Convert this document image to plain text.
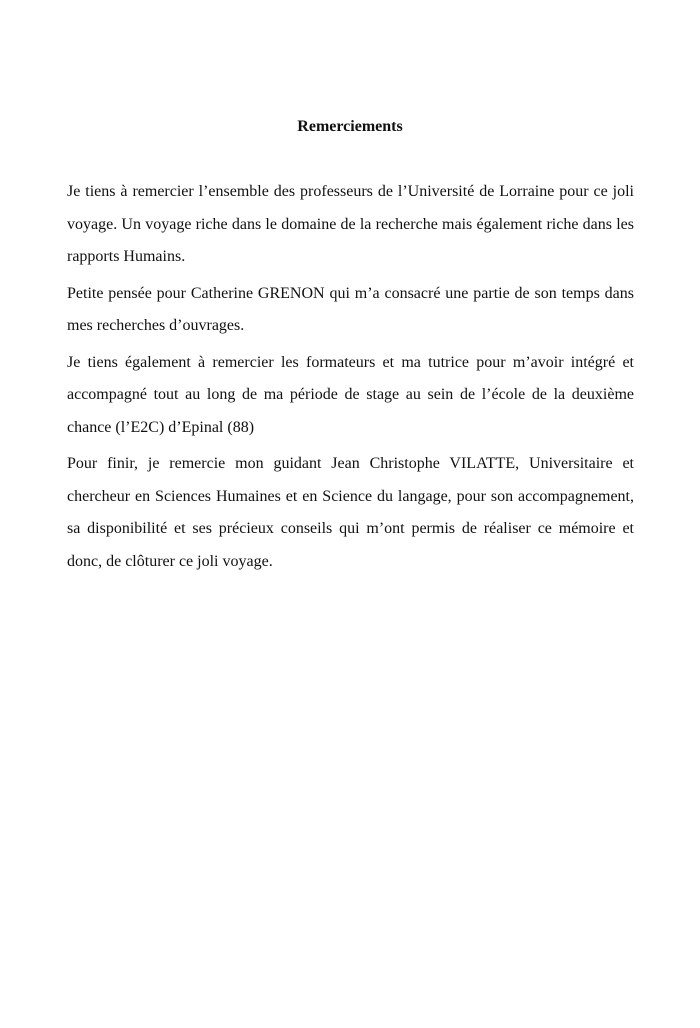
Remerciements

Je tiens à remercier l’ensemble des professeurs de l’Université de Lorraine pour ce joli voyage. Un voyage riche dans le domaine de la recherche mais également riche dans les rapports Humains.

Petite pensée pour Catherine GRENON qui m’a consacré une partie de son temps dans mes recherches d’ouvrages.

Je tiens également à remercier les formateurs et ma tutrice pour m’avoir intégré et accompagné tout au long de ma période de stage au sein de l’école de la deuxième chance (l’E2C) d’Epinal (88)

Pour finir, je remercie mon guidant Jean Christophe VILATTE, Universitaire et chercheur en Sciences Humaines et en Science du langage, pour son accompagnement, sa disponibilité et ses précieux conseils qui m’ont permis de réaliser ce mémoire et donc, de clôturer ce joli voyage.
